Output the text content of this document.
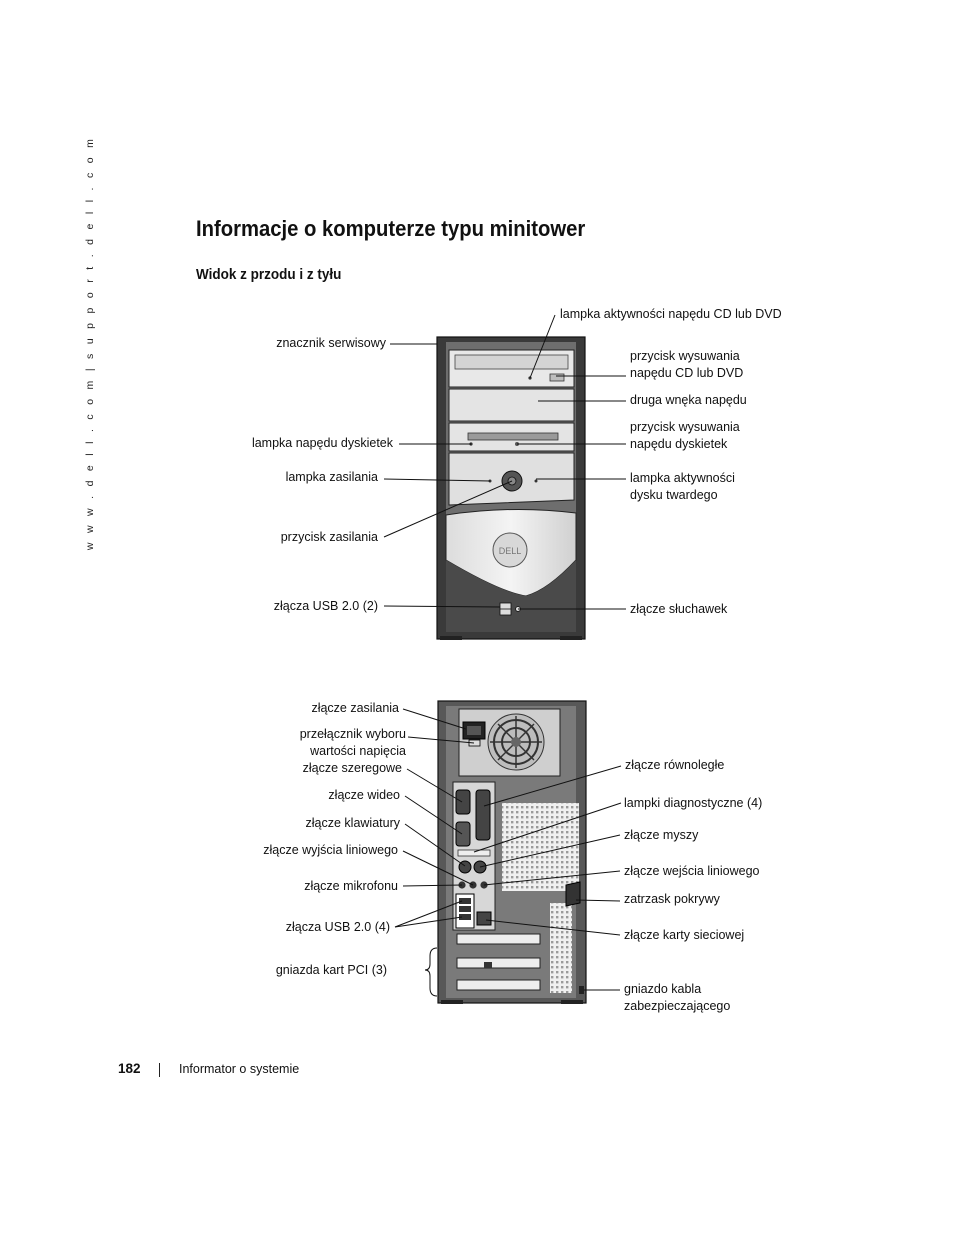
w w w . d e l l . c o m | s u p p o r t . d e l l . c o m	Informacje o komputerze typu minitower
Widok z przodu i z tyłu
DELL
lampka aktywności napędu CD lub DVD
znacznik serwisowy
przycisk wysuwania
napędu CD lub DVD
druga wnęka napędu
lampka napędu dyskietek
przycisk wysuwania
napędu dyskietek
lampka zasilania	lampka aktywności
dysku twardego
przycisk zasilania
złącza USB 2.0 (2)	złącze słuchawek
złącze zasilania
przełącznik wyboru
wartości napięcia
złącze szeregowe	złącze równoległe
złącze wideo
lampki diagnostyczne (4)
złącze klawiatury
złącze myszy
złącze wyjścia liniowego
złącze wejścia liniowego
złącze mikrofonu
zatrzask pokrywy
złącza USB 2.0 (4)
złącze karty sieciowej
gniazda kart PCI (3)
gniazdo kabla
zabezpieczającego
182	Informator o systemie
